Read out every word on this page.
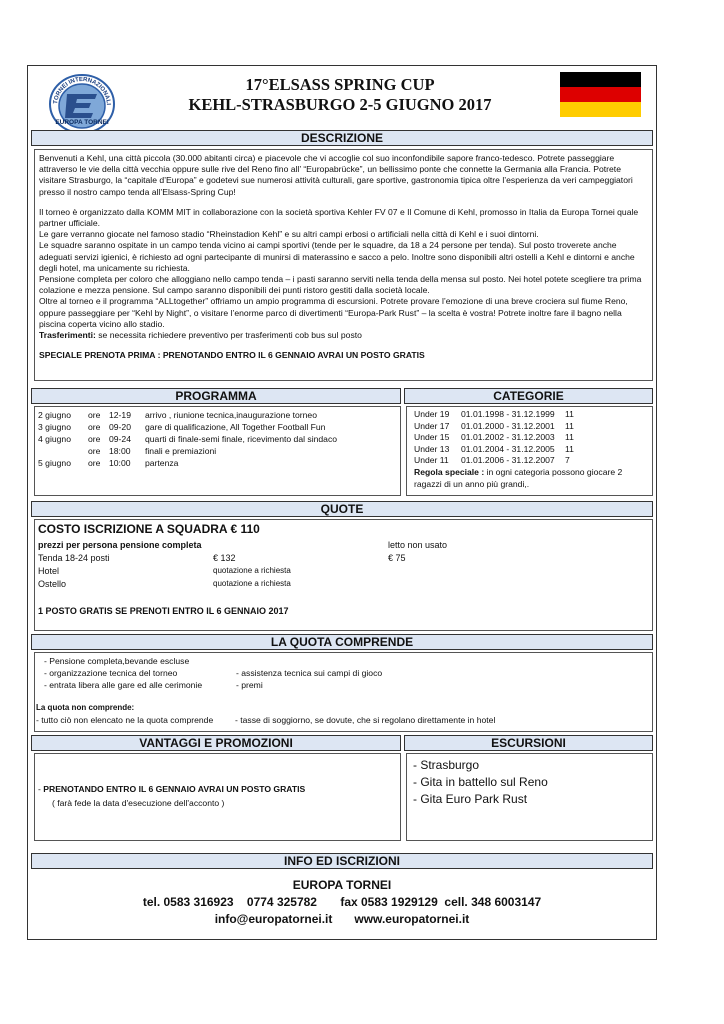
TORNEI INTERNAZIONALI
EUROPA TORNEI
17°ELSASS SPRING CUP
KEHL-STRASBURGO 2-5 GIUGNO 2017
DESCRIZIONE

Benvenuti a Kehl, una città piccola (30.000 abitanti circa) e piacevole che vi accoglie col suo inconfondibile sapore franco-tedesco. Potrete passeggiare attraverso le vie della città vecchia oppure sulle rive del Reno fino all’ “Europabrücke”, un bellissimo ponte che connette la Germania alla Francia. Potrete visitare Strasburgo, la “capitale d’Europa” e godetevi sue numerosi attività culturali, gare sportive, gastronomia tipica oltre l’esperienza da veri campeggiatori presso il nostro campo tenda all’Elsass-Spring Cup!

Il torneo è organizzato dalla KOMM MIT in collaborazione con la società sportiva Kehler FV 07 e Il Comune di Kehl, promosso in Italia da Europa Tornei quale partner ufficiale.

Le gare verranno giocate nel famoso stadio “Rheinstadion Kehl” e su altri campi erbosi o artificiali nella città di Kehl e i suoi dintorni.

Le squadre saranno ospitate in un campo tenda vicino ai campi sportivi (tende per le squadre, da 18 a 24 persone per tenda). Sul posto troverete anche adeguati servizi igienici, è richiesto ad ogni partecipante di munirsi di materassino e sacco a pelo. Inoltre sono disponibili altri ostelli a Kehl e dintorni e anche degli hotel, ma unicamente su richiesta.

Pensione completa per coloro che alloggiano nello campo tenda – i pasti saranno serviti nella tenda della mensa sul posto. Nei hotel potete scegliere tra prima colazione e mezza pensione. Sul campo saranno disponibili dei punti ristoro gestiti dalla società locale.

Oltre al torneo e il programma “ALLtogether” offriamo un ampio programma di escursioni. Potrete provare l’emozione di una breve crociera sul fiume Reno, oppure passeggiare per “Kehl by Night”, o visitare l’enorme parco di divertimenti “Europa-Park Rust” – la scelta è vostra! Potrete inoltre fare il bagno nella piscina coperta vicino allo stadio.

Trasferimenti: se necessita richiedere preventivo per trasferimenti cob bus sul posto

SPECIALE PRENOTA PRIMA : PRENOTANDO ENTRO IL 6 GENNAIO AVRAI UN POSTO GRATIS

PROGRAMMA	CATEGORIE
2 giugno ore 12-19 arrivo , riunione tecnica,inaugurazione torneo
3 giugno ore 09-20 gare di qualificazione, All Together Football Fun
4 giugno ore 09-24 quarti di finale-semi finale, ricevimento dal sindaco
ore 18:00 finali e premiazioni
5 giugno ore 10:00 partenza
Under 19 01.01.1998 - 31.12.1999 11
Under 17 01.01.2000 - 31.12.2001 11
Under 15 01.01.2002 - 31.12.2003 11
Under 13 01.01.2004 - 31.12.2005 11
Under 11 01.01.2006 - 31.12.2007 7
Regola speciale : in ogni categoria possono giocare 2 ragazzi di un anno più grandi,.
QUOTE
COSTO ISCRIZIONE A SQUADRA € 110
prezzi per persona pensione completa	letto non usato
Tenda 18-24 posti	€ 132	€ 75
Hotel	quotazione a richiesta
Ostello	quotazione a richiesta
1 POSTO GRATIS SE PRENOTI ENTRO IL 6 GENNAIO 2017
LA QUOTA COMPRENDE
- Pensione completa,bevande escluse
- organizzazione tecnica del torneo
- entrata libera alle gare ed alle cerimonie
- assistenza tecnica sui campi di gioco
- premi
La quota non comprende:
- tutto ciò non elencato ne la quota comprende	- tasse di soggiorno, se dovute, che si regolano direttamente in hotel
VANTAGGI E PROMOZIONI	ESCURSIONI
- PRENOTANDO ENTRO IL 6 GENNAIO AVRAI UN POSTO GRATIS
( farà fede la data d'esecuzione dell'acconto )
- Strasburgo
- Gita in battello sul Reno
- Gita Euro Park Rust
INFO ED ISCRIZIONI
EUROPA TORNEI
tel. 0583 316923    0774 325782       fax 0583 1929129  cell. 348 6003147
info@europatornei.it www.europatornei.it
